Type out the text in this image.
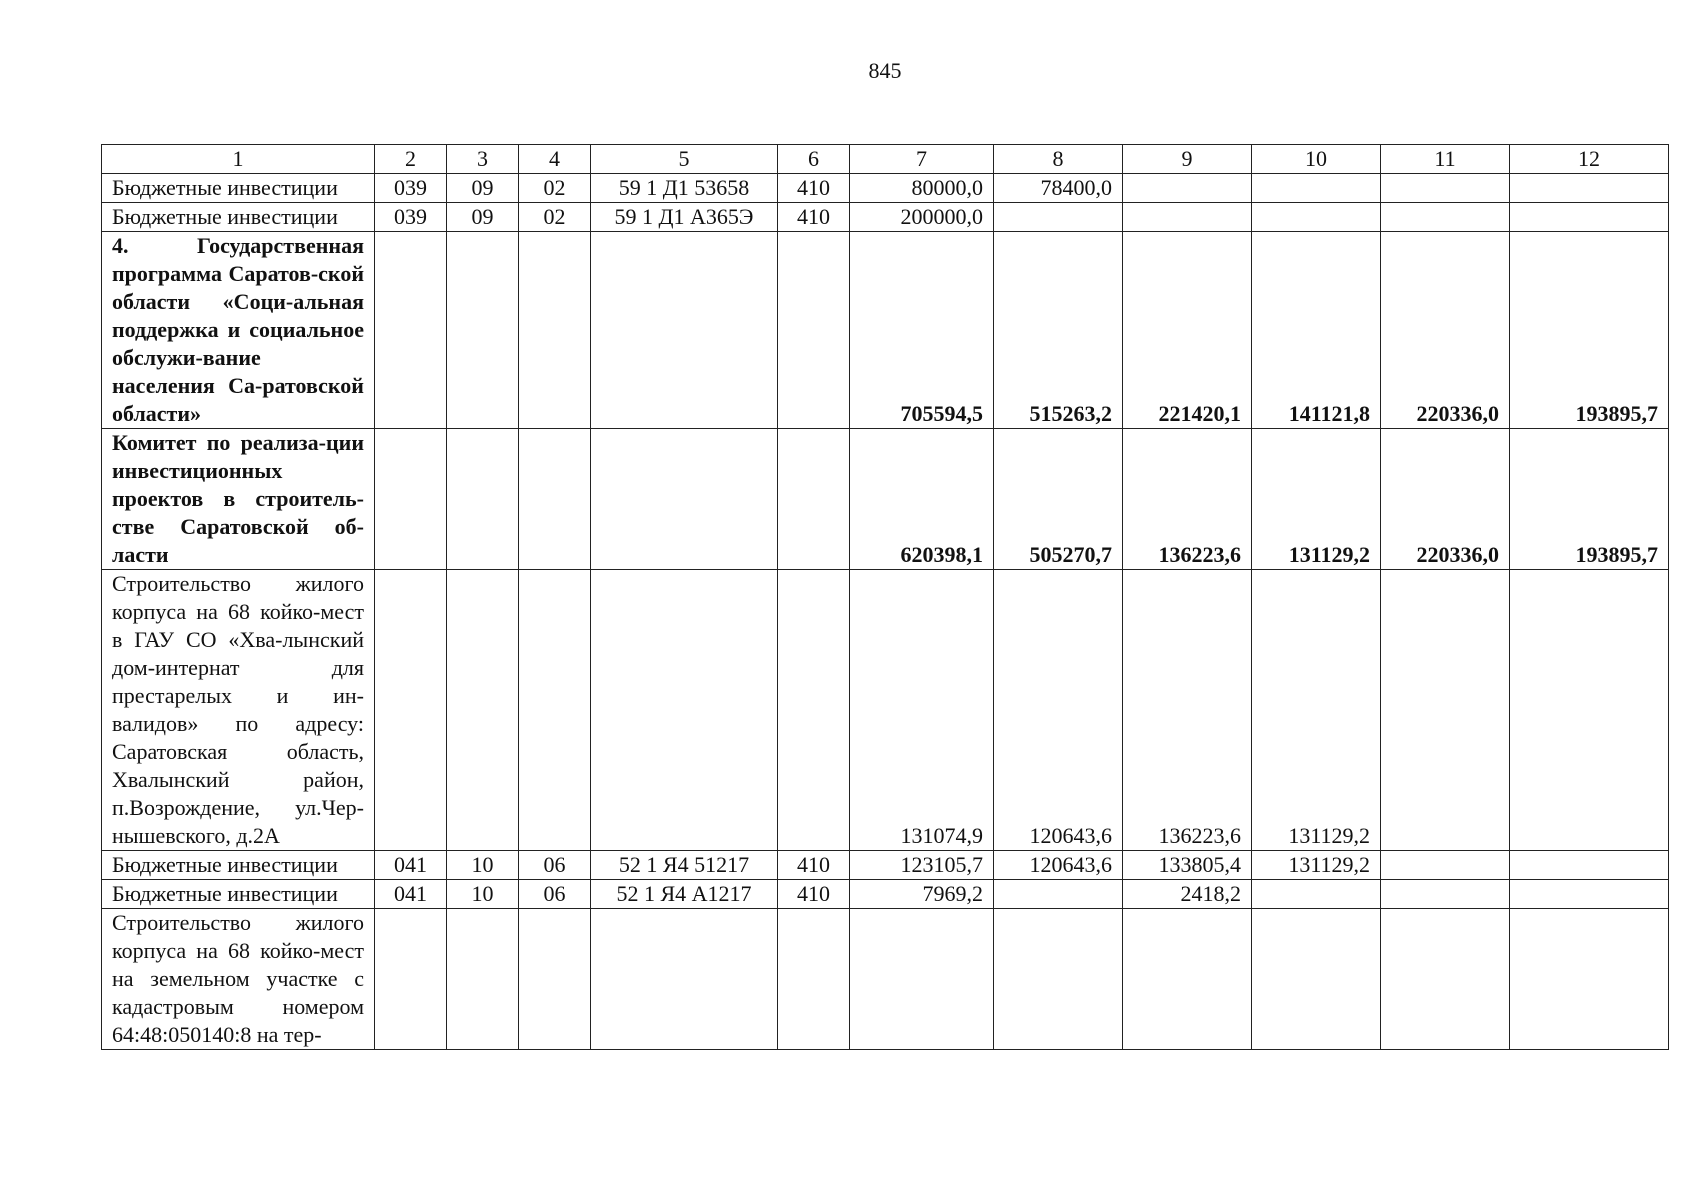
845
1	2	3	4	5	6	7	8	9	10	11	12
Бюджетные инвестиции	039	09	02	59 1 Д1 53658	410	80000,0	78400,0				
Бюджетные инвестиции	039	09	02	59 1 Д1 А365Э	410	200000,0					
4. Государственная программа Саратов-ской области «Соци-альная поддержка и социальное обслужи-вание населения Са-ратовской области»						705594,5	515263,2	221420,1	141121,8	220336,0	193895,7
Комитет по реализа-ции инвестиционных проектов в строитель-стве Саратовской об-ласти						620398,1	505270,7	136223,6	131129,2	220336,0	193895,7
Строительство жилого корпуса на 68 койко-мест в ГАУ СО «Хва-лынский дом-интернат для престарелых и ин-валидов» по адресу: Саратовская область, Хвалынский район, п.Возрождение, ул.Чер-нышевского, д.2А						131074,9	120643,6	136223,6	131129,2		
Бюджетные инвестиции	041	10	06	52 1 Я4 51217	410	123105,7	120643,6	133805,4	131129,2		
Бюджетные инвестиции	041	10	06	52 1 Я4 А1217	410	7969,2		2418,2			
Строительство жилого корпуса на 68 койко-мест на земельном участке с кадастровым номером 64:48:050140:8 на тер-											
